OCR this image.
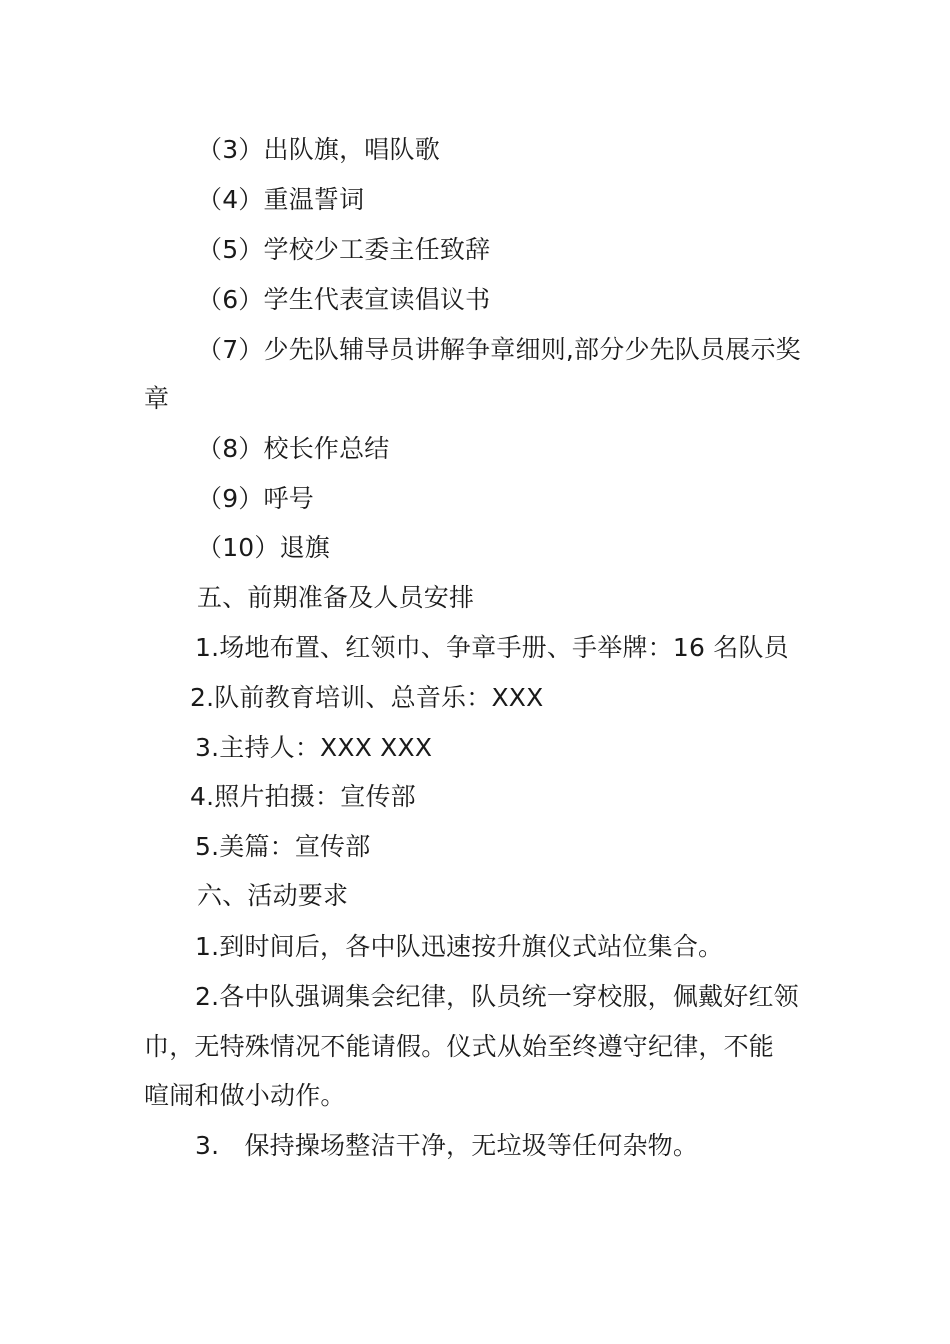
（3）出队旗，唱队歌
（4）重温誓词
（5）学校少工委主任致辞
（6）学生代表宣读倡议书
（7）少先队辅导员讲解争章细则,部分少先队员展示奖
章
（8）校长作总结
（9）呼号
（10）退旗
五、前期准备及人员安排
1.场地布置、红领巾、争章手册、手举牌：16 名队员
2.队前教育培训、总音乐：XXX
3.主持人：XXX XXX
4.照片拍摄：宣传部
5.美篇：宣传部
六、活动要求
1.到时间后，各中队迅速按升旗仪式站位集合。
2.各中队强调集会纪律，队员统一穿校服，佩戴好红领
巾，无特殊情况不能请假。仪式从始至终遵守纪律，不能
喧闹和做小动作。
3.　保持操场整洁干净，无垃圾等任何杂物。
